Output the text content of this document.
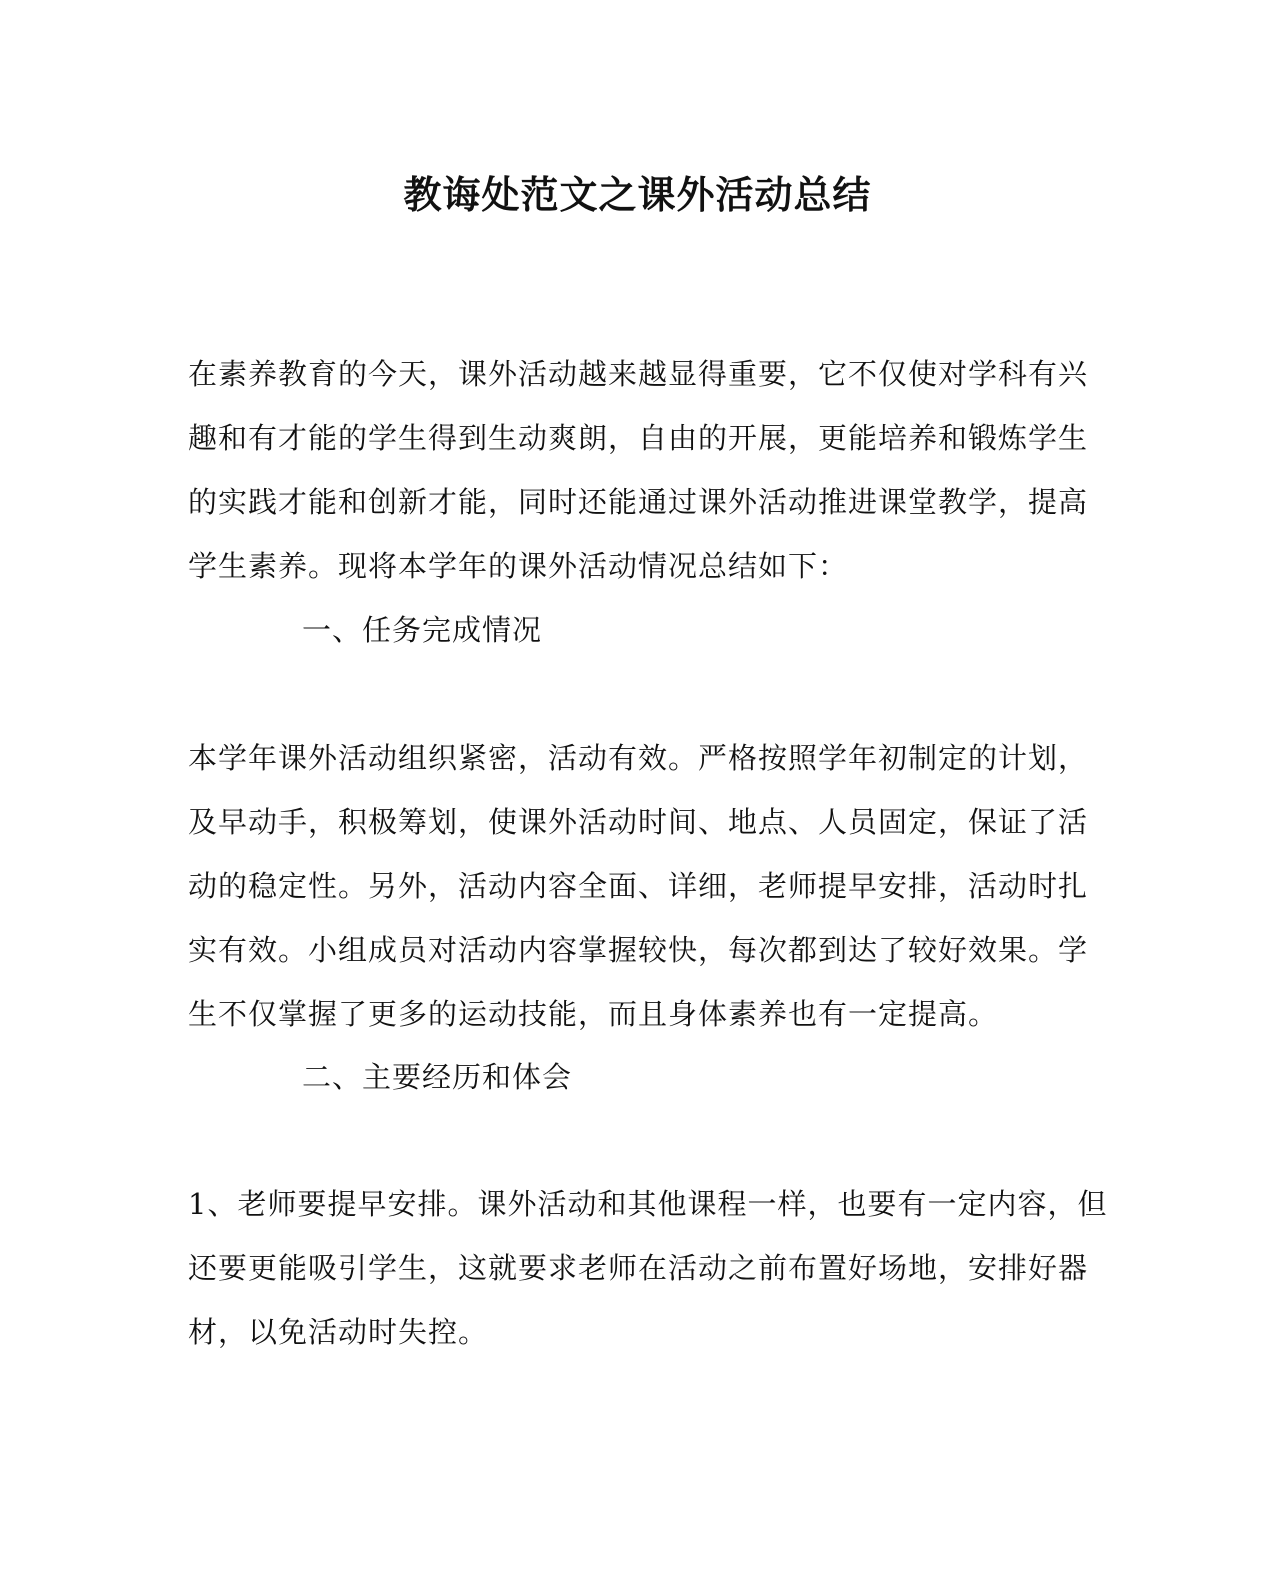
教诲处范文之课外活动总结
在素养教育的今天，课外活动越来越显得重要，它不仅使对学科有兴
趣和有才能的学生得到生动爽朗，自由的开展，更能培养和锻炼学生
的实践才能和创新才能，同时还能通过课外活动推进课堂教学，提高
学生素养。现将本学年的课外活动情况总结如下：
一、任务完成情况
本学年课外活动组织紧密，活动有效。严格按照学年初制定的计划，
及早动手，积极筹划，使课外活动时间、地点、人员固定，保证了活
动的稳定性。另外，活动内容全面、详细，老师提早安排，活动时扎
实有效。小组成员对活动内容掌握较快，每次都到达了较好效果。学
生不仅掌握了更多的运动技能，而且身体素养也有一定提高。
二、主要经历和体会
1、老师要提早安排。课外活动和其他课程一样，也要有一定内容，但
还要更能吸引学生，这就要求老师在活动之前布置好场地，安排好器
材，以免活动时失控。
